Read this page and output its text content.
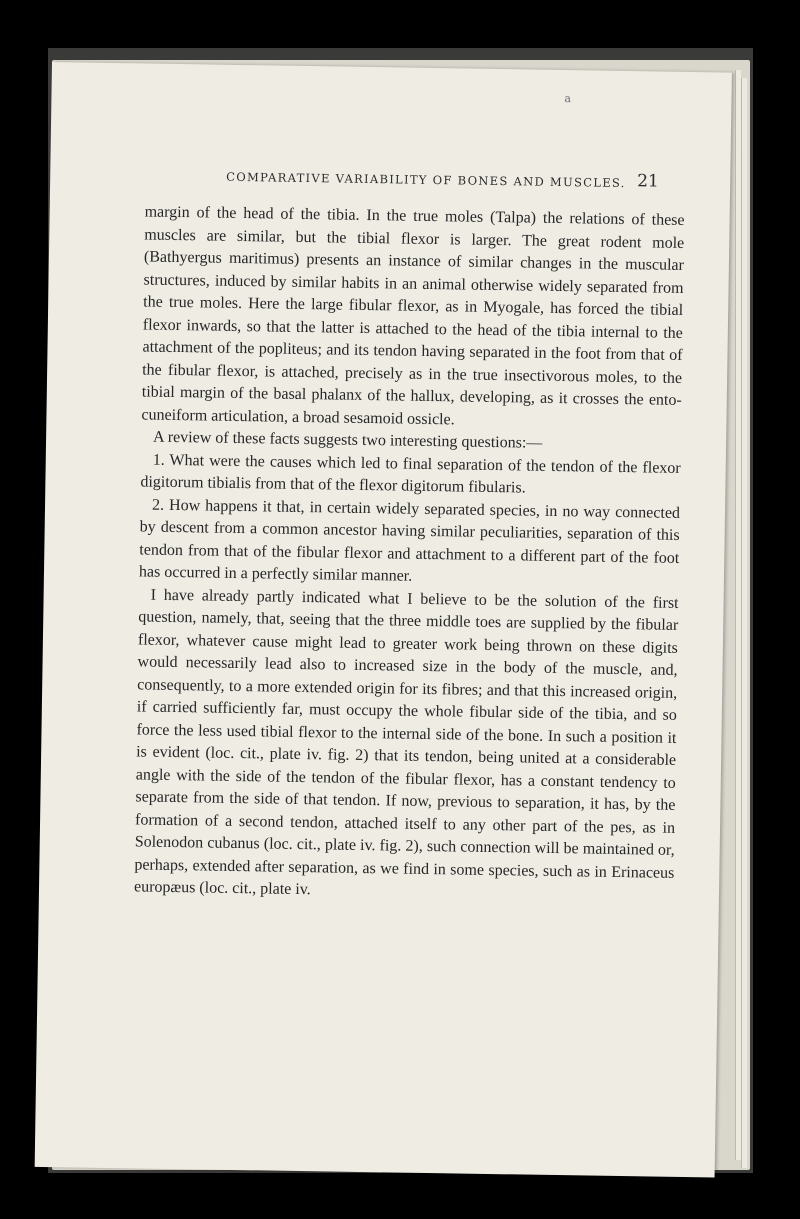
a
COMPARATIVE VARIABILITY OF BONES AND MUSCLES. 21

margin of the head of the tibia. In the true moles (Talpa) the relations of these muscles are similar, but the tibial flexor is larger. The great rodent mole (Bathyergus maritimus) presents an instance of similar changes in the muscular structures, induced by similar habits in an animal otherwise widely separated from the true moles. Here the large fibular flexor, as in Myogale, has forced the tibial flexor inwards, so that the latter is attached to the head of the tibia internal to the attachment of the popliteus; and its tendon having separated in the foot from that of the fibular flexor, is attached, precisely as in the true insectivorous moles, to the tibial margin of the basal phalanx of the hallux, developing, as it crosses the ento-cuneiform articulation, a broad sesamoid ossicle.

A review of these facts suggests two interesting questions:—

1. What were the causes which led to final separation of the tendon of the flexor digitorum tibialis from that of the flexor digitorum fibularis.

2. How happens it that, in certain widely separated species, in no way connected by descent from a common ancestor having similar peculiarities, separation of this tendon from that of the fibular flexor and attachment to a different part of the foot has occurred in a perfectly similar manner.

I have already partly indicated what I believe to be the solution of the first question, namely, that, seeing that the three middle toes are supplied by the fibular flexor, whatever cause might lead to greater work being thrown on these digits would necessarily lead also to increased size in the body of the muscle, and, consequently, to a more extended origin for its fibres; and that this increased origin, if carried sufficiently far, must occupy the whole fibular side of the tibia, and so force the less used tibial flexor to the internal side of the bone. In such a position it is evident (loc. cit., plate iv. fig. 2) that its tendon, being united at a considerable angle with the side of the tendon of the fibular flexor, has a constant tendency to separate from the side of that tendon. If now, previous to separation, it has, by the formation of a second tendon, attached itself to any other part of the pes, as in Solenodon cubanus (loc. cit., plate iv. fig. 2), such connection will be maintained or, perhaps, extended after separation, as we find in some species, such as in Erinaceus europæus (loc. cit., plate iv.
